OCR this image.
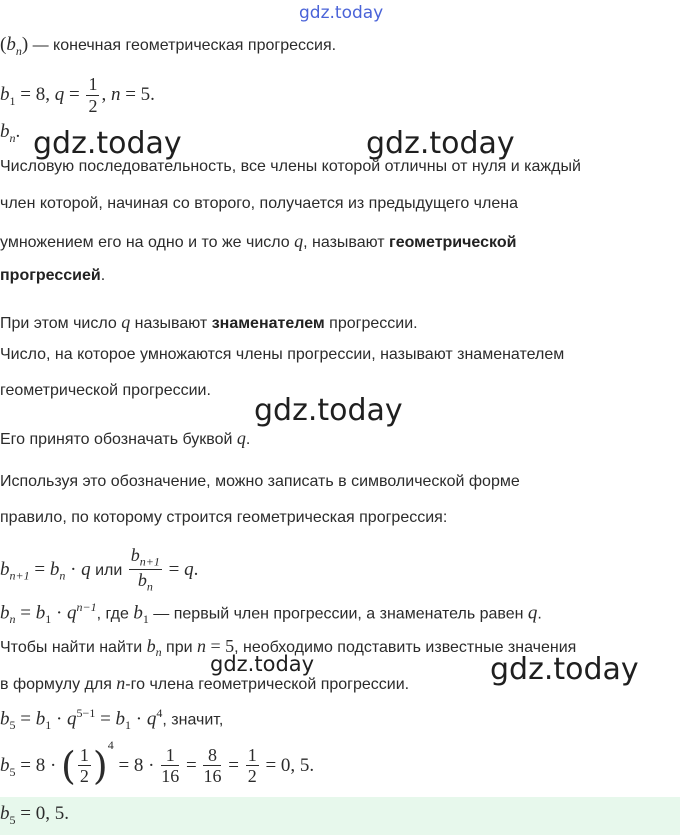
gdz.today
$(b_n)$ — конечная геометрическая прогрессия.
$b_1 = 8$, $q = \frac{1}{2}$ , n = 5.
$b_n$. gdz.today	gdz.today
Числовую последовательность, все члены которой отличны от нуля и каждый
член которой, начиная со второго, получается из предыдущего члена
умножением его на одно и то же число q, называют геометрической
прогрессией.
При этом число q называют знаменателем прогрессии.
Число, на которое умножаются члены прогрессии, называют знаменателем
геометрической прогрессии.
gdz.today
Его принято обозначать буквой q.
Используя это обозначение, можно записать в символической форме
правило, по которому строится геометрическая прогрессия:
$b_{n+1} = b_n \cdot q$ или $\frac{b_{n+1}}{b_n} = q$.
$b_n = b_1 \cdot q^{n-1}$, где $b_1$ — первый член прогрессии, а знаменатель равен q.
Чтобы найти найти $b_n$ при n = 5, необходимо подставить известные значения
gdz.today
в формулу для n-го члена геометрической прогрессии.	gdz.today
$b_5 = b_1 \cdot q^{5-1} = b_1 \cdot q^4$, значит,
$b_5 = 8$ · ( $\frac{1}{2} )^4 = 8 \cdot \frac{1}{16} = \frac{8}{16} = \frac{1}{2} = 0$, 5.
$b_5 = 0$, 5.
